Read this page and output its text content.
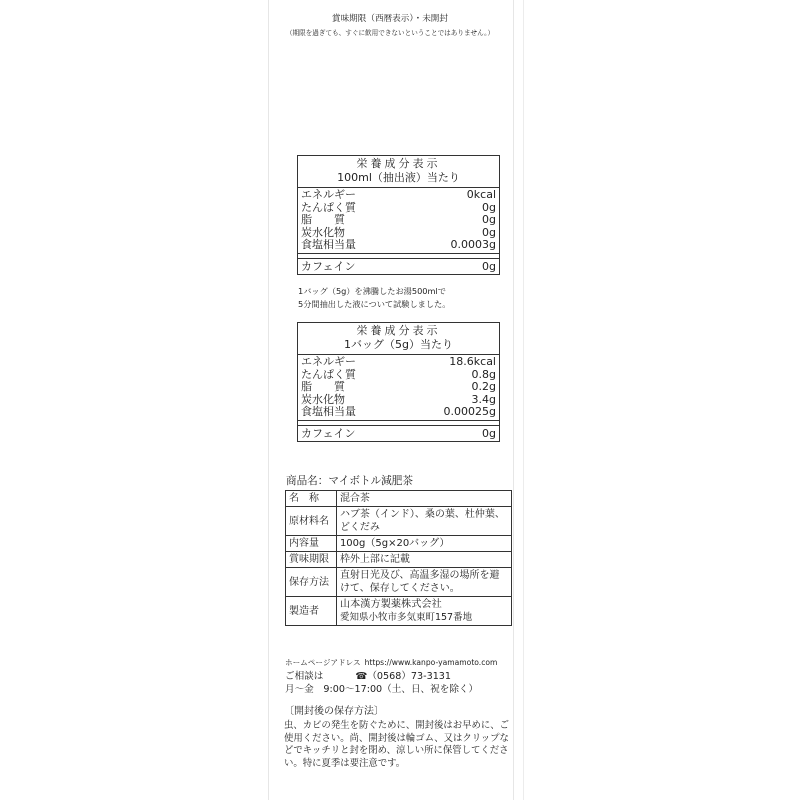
賞味期限（西暦表示）・未開封
（期限を過ぎても、すぐに飲用できないということではありません。）
栄養成分表示
100ml（抽出液）当たり
エネルギー	0kcal
たんぱく質	0g
脂　　質	0g
炭水化物	0g
食塩相当量	0.0003g
カフェイン	0g
1バッグ（5g）を沸騰したお湯500mlで
5分間抽出した液について試験しました。
栄養成分表示
1バッグ（5g）当たり
エネルギー	18.6kcal
たんぱく質	0.8g
脂　　質	0.2g
炭水化物	3.4g
食塩相当量	0.00025g
カフェイン	0g
商品名：マイボトル減肥茶
名　称	混合茶
原材料名	ハブ茶（インド）、桑の葉、杜仲葉、どくだみ
内容量	100g（5g×20バッグ）
賞味期限	枠外上部に記載
保存方法	直射日光及び、高温多湿の場所を避けて、保存してください。
製造者	山本漢方製薬株式会社
愛知県小牧市多気東町157番地
ホームページアドレス https://www.kanpo-yamamoto.com
ご相談は	☎（0568）73-3131
月～金　9:00～17:00（土、日、祝を除く）
〔開封後の保存方法〕
虫、カビの発生を防ぐために、開封後はお早めに、ご使用ください。尚、開封後は輪ゴム、又はクリップなどでキッチリと封を閉め、涼しい所に保管してください。特に夏季は要注意です。
